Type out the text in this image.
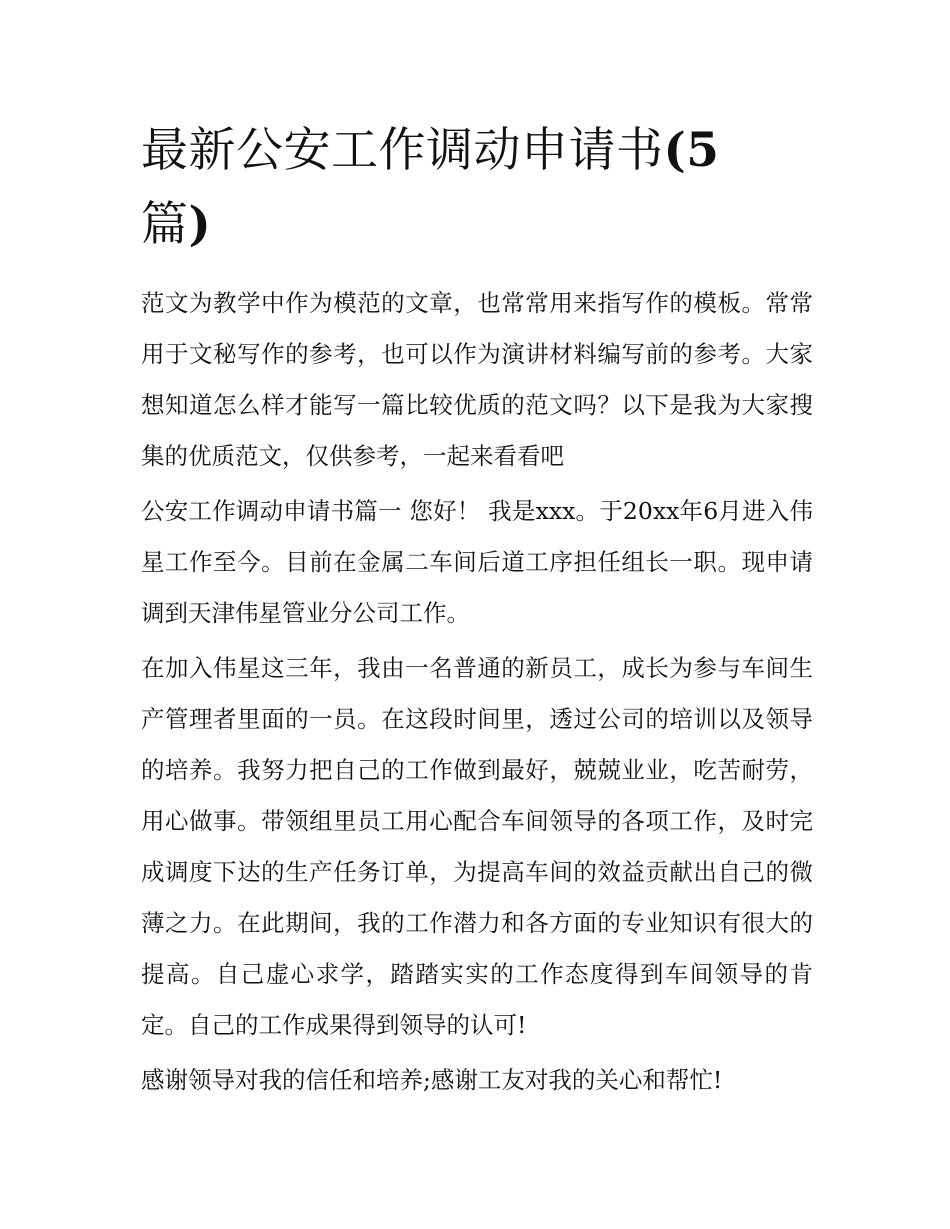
最新公安工作调动申请书(5
篇)

范文为教学中作为模范的文章，也常常用来指写作的模板。常常用于文秘写作的参考，也可以作为演讲材料编写前的参考。大家想知道怎么样才能写一篇比较优质的范文吗？以下是我为大家搜集的优质范文，仅供参考，一起来看看吧

公安工作调动申请书篇一 您好！ 我是xxx。于20xx年6月进入伟星工作至今。目前在金属二车间后道工序担任组长一职。现申请调到天津伟星管业分公司工作。

在加入伟星这三年，我由一名普通的新员工，成长为参与车间生产管理者里面的一员。在这段时间里，透过公司的培训以及领导的培养。我努力把自己的工作做到最好，兢兢业业，吃苦耐劳，用心做事。带领组里员工用心配合车间领导的各项工作，及时完成调度下达的生产任务订单，为提高车间的效益贡献出自己的微薄之力。在此期间，我的工作潜力和各方面的专业知识有很大的提高。自己虚心求学，踏踏实实的工作态度得到车间领导的肯定。自己的工作成果得到领导的认可!

感谢领导对我的信任和培养;感谢工友对我的关心和帮忙!
